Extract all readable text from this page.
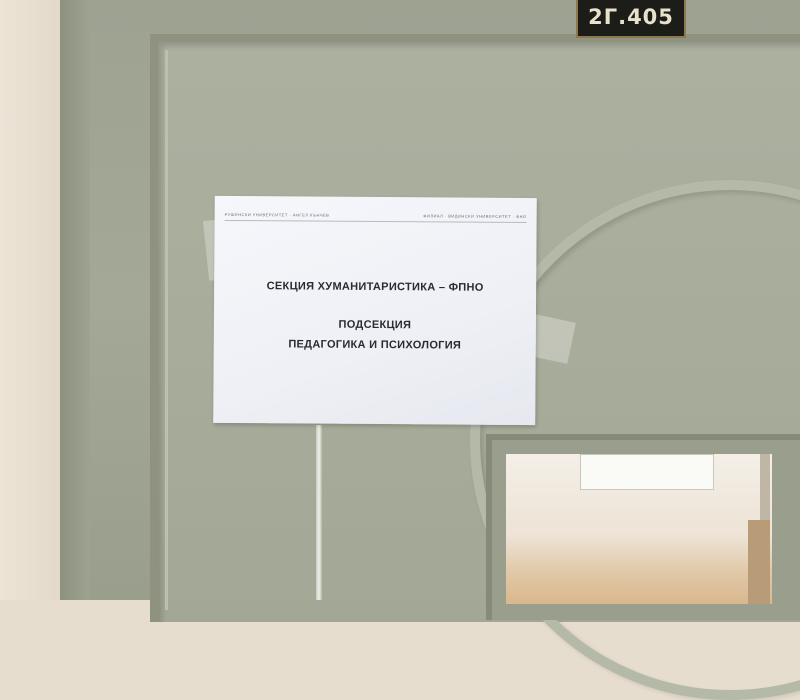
2Г.405
РУШЕНСКИ УНИВЕРСИТЕТ · АНГЕЛ КЪНЧЕВ	ФИЛИАЛ · ВИДИНСКИ УНИВЕРСИТЕТ · ФНО
СЕКЦИЯ ХУМАНИТАРИСТИКА – ФПНО
ПОДСЕКЦИЯ
ПЕДАГОГИКА И ПСИХОЛОГИЯ
